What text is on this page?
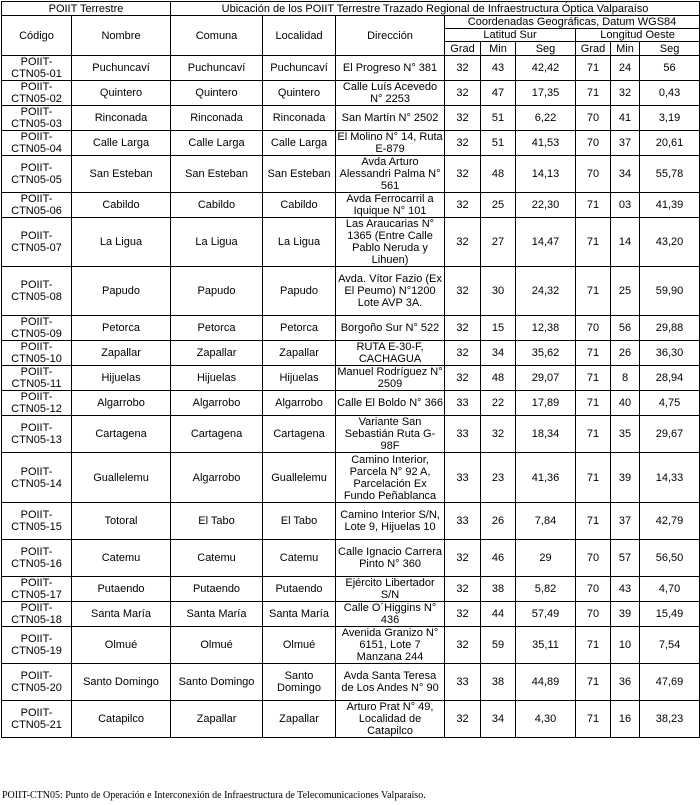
POIIT Terrestre		Ubicación de los POIIT Terrestre Trazado Regional de Infraestructura Óptica Valparaíso								
Código	Nombre	Comuna	Localidad	Dirección	Coordenadas Geográficas, Datum WGS84					
					Latitud Sur			Longitud Oeste		
					Grad	Min	Seg	Grad	Min	Seg
POIIT-CTN05-01	Puchuncaví	Puchuncaví	Puchuncaví	El Progreso N° 381	32	43	42,42	71	24	56
POIIT-CTN05-02	Quintero	Quintero	Quintero	Calle Luís Acevedo N° 2253	32	47	17,35	71	32	0,43
POIIT-CTN05-03	Rinconada	Rinconada	Rinconada	San Martín N° 2502	32	51	6,22	70	41	3,19
POIIT-CTN05-04	Calle Larga	Calle Larga	Calle Larga	El Molino N° 14, Ruta E-879	32	51	41,53	70	37	20,61
POIIT-CTN05-05	San Esteban	San Esteban	San Esteban	Avda Arturo Alessandri Palma N° 561	32	48	14,13	70	34	55,78
POIIT-CTN05-06	Cabildo	Cabildo	Cabildo	Avda Ferrocarril a Iquique N° 101	32	25	22,30	71	03	41,39
POIIT-CTN05-07	La Ligua	La Ligua	La Ligua	Las Araucarias N° 1365 (Entre Calle Pablo Neruda y Lihuen)	32	27	14,47	71	14	43,20
POIIT-CTN05-08	Papudo	Papudo	Papudo	Avda. Vítor Fazio (Ex El Peumo) N°1200 Lote AVP 3A.	32	30	24,32	71	25	59,90
POIIT-CTN05-09	Petorca	Petorca	Petorca	Borgoño Sur N° 522	32	15	12,38	70	56	29,88
POIIT-CTN05-10	Zapallar	Zapallar	Zapallar	RUTA E-30-F, CACHAGUA	32	34	35,62	71	26	36,30
POIIT-CTN05-11	Hijuelas	Hijuelas	Hijuelas	Manuel Rodríguez N° 2509	32	48	29,07	71	8	28,94
POIIT-CTN05-12	Algarrobo	Algarrobo	Algarrobo	Calle El Boldo N° 366	33	22	17,89	71	40	4,75
POIIT-CTN05-13	Cartagena	Cartagena	Cartagena	Variante San Sebastián Ruta G-98F	33	32	18,34	71	35	29,67
POIIT-CTN05-14	Guallelemu	Algarrobo	Guallelemu	Camino Interior, Parcela N° 92 A, Parcelación Ex Fundo Peñablanca	33	23	41,36	71	39	14,33
POIIT-CTN05-15	Totoral	El Tabo	El Tabo	Camino Interior S/N, Lote 9, Hijuelas 10	33	26	7,84	71	37	42,79
POIIT-CTN05-16	Catemu	Catemu	Catemu	Calle Ignacio Carrera Pinto N° 360	32	46	29	70	57	56,50
POIIT-CTN05-17	Putaendo	Putaendo	Putaendo	Ejército Libertador S/N	32	38	5,82	70	43	4,70
POIIT-CTN05-18	Santa María	Santa María	Santa María	Calle O´Higgins N° 436	32	44	57,49	70	39	15,49
POIIT-CTN05-19	Olmué	Olmué	Olmué	Avenida Granizo N° 6151, Lote 7 Manzana 244	32	59	35,11	71	10	7,54
POIIT-CTN05-20	Santo Domingo	Santo Domingo	Santo Domingo	Avda Santa Teresa de Los Andes N° 90	33	38	44,89	71	36	47,69
POIIT-CTN05-21	Catapilco	Zapallar	Zapallar	Arturo Prat N° 49, Localidad de Catapilco	32	34	4,30	71	16	38,23
POIIT-CTN05: Punto de Operación e Interconexión de Infraestructura de Telecomunicaciones Valparaíso.
